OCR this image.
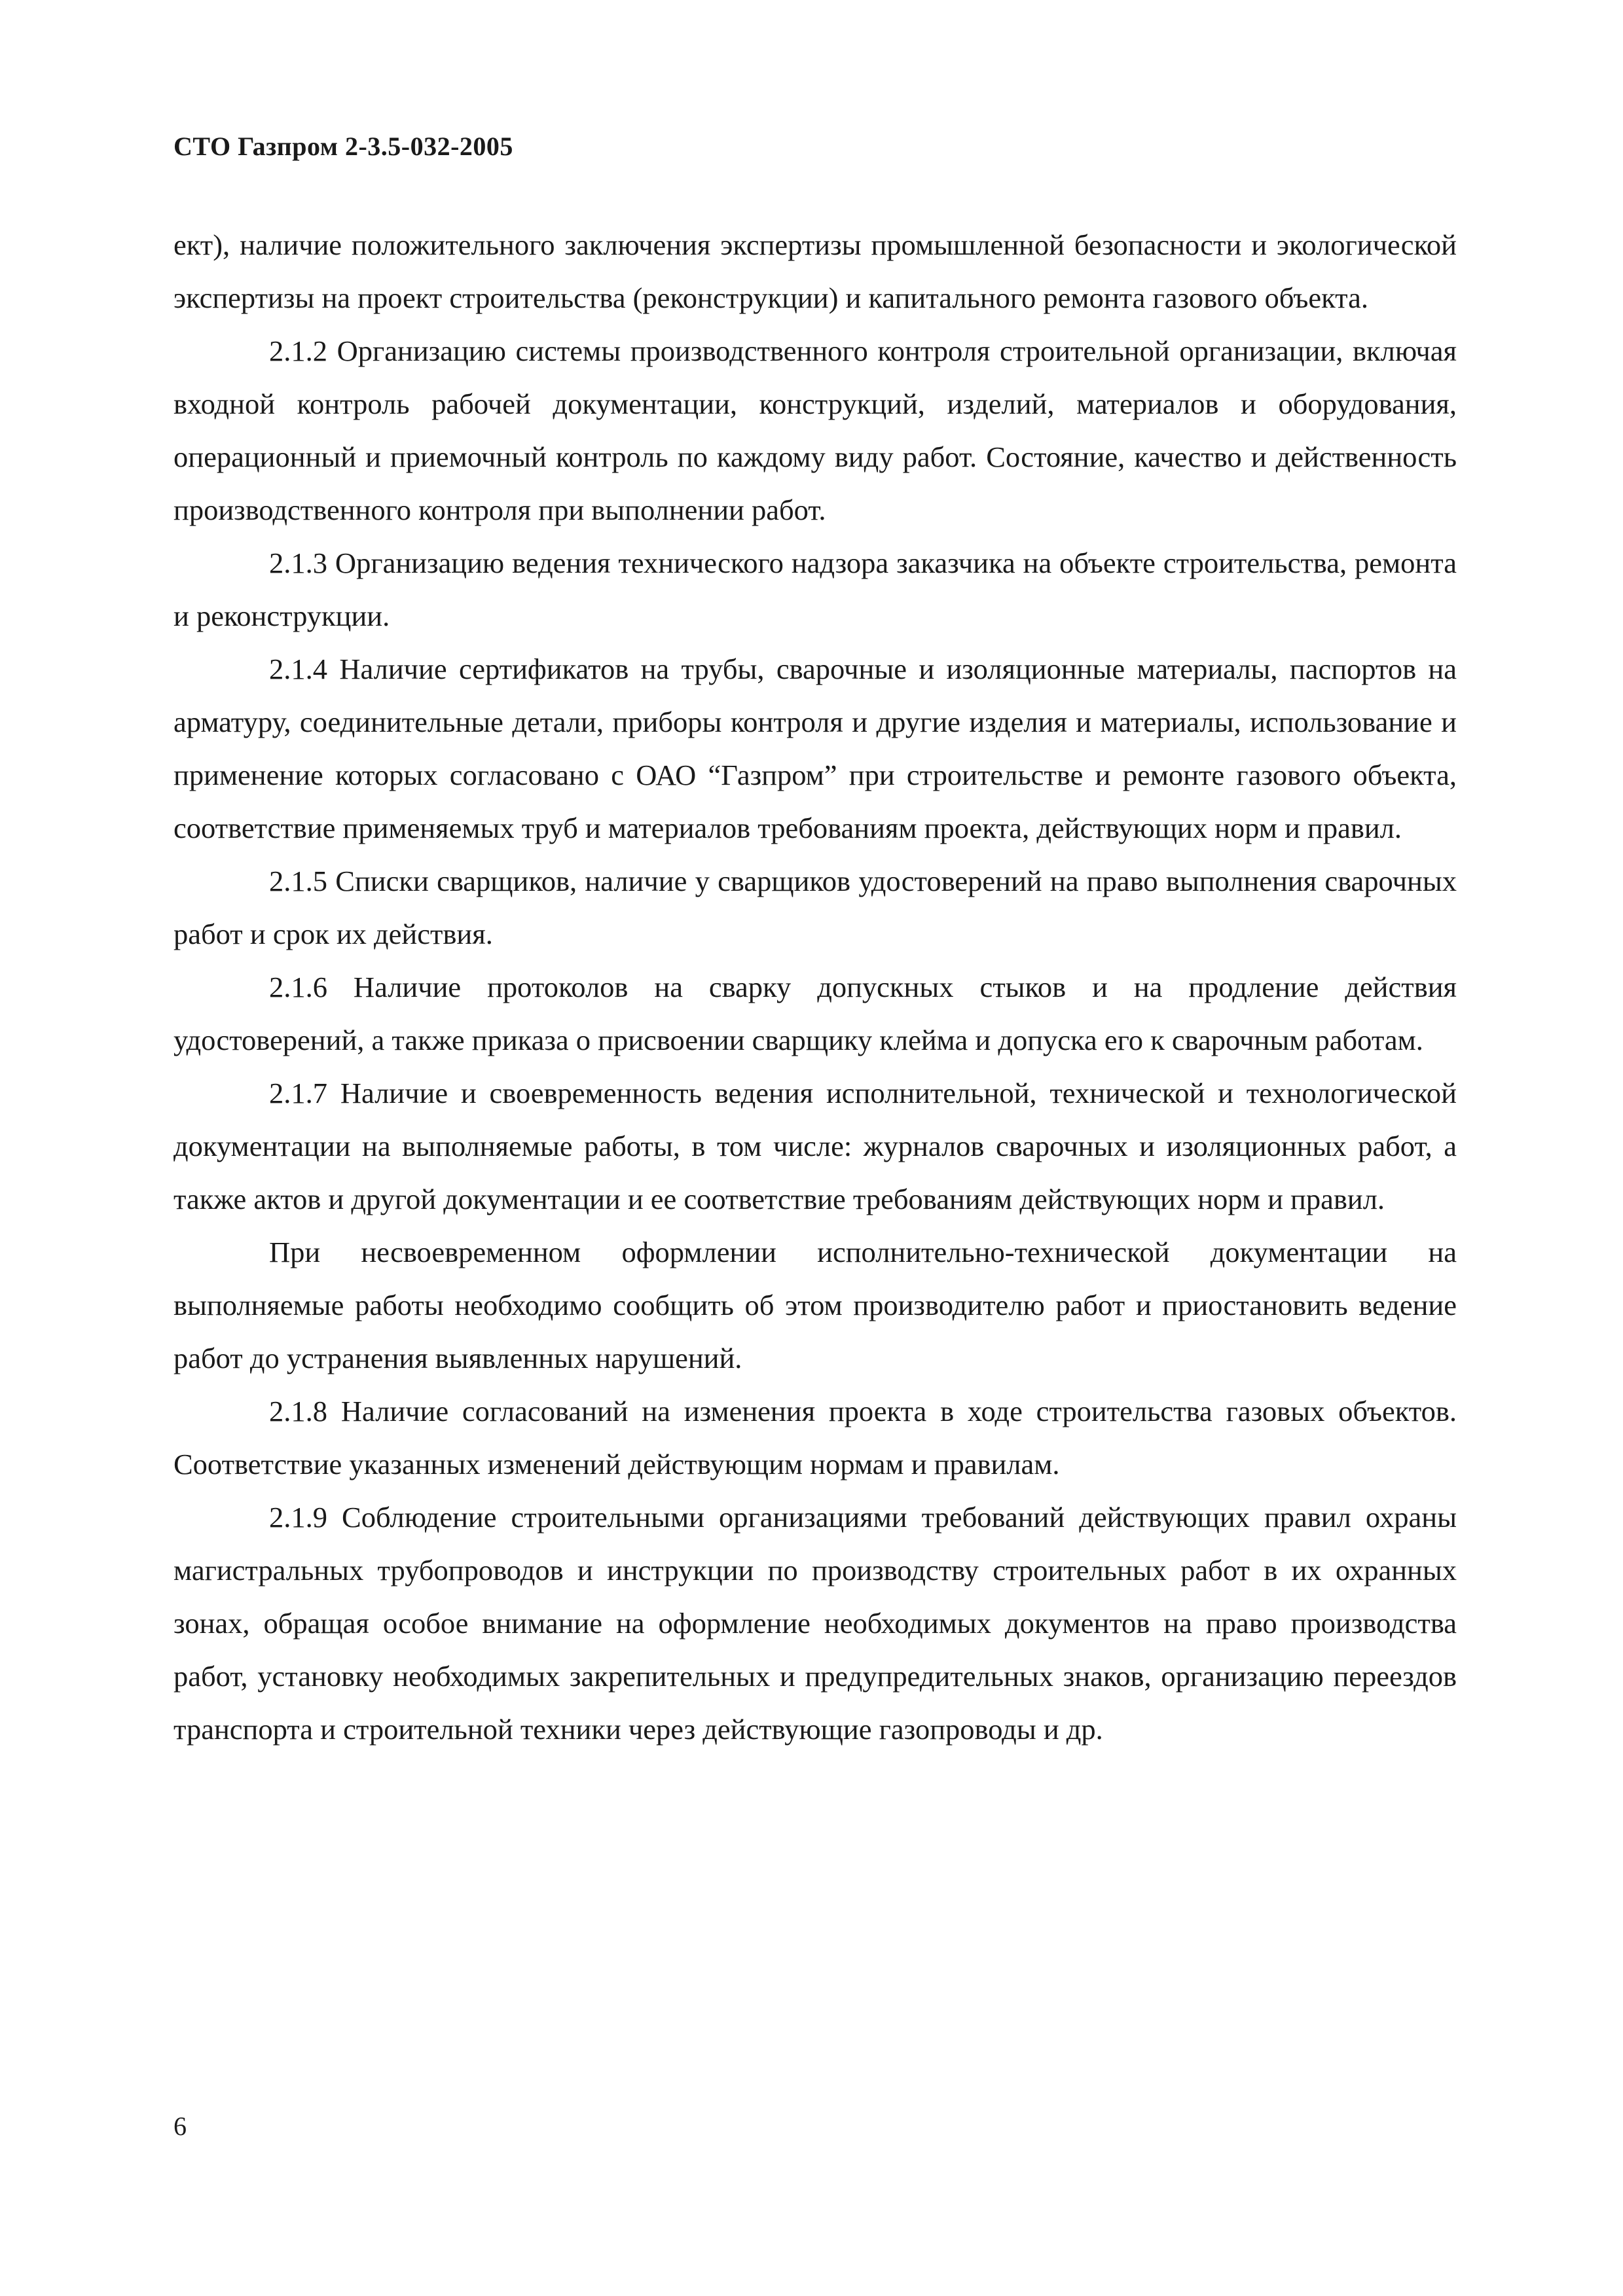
СТО Газпром 2-3.5-032-2005

ект), наличие положительного заключения экспертизы промышленной безопасности и экологической экспертизы на проект строительства (реконструкции) и капитального ремонта газового объекта.

2.1.2 Организацию системы производственного контроля строительной организации, включая входной контроль рабочей документации, конструкций, изделий, материалов и оборудования, операционный и приемочный контроль по каждому виду работ. Состояние, качество и действенность производственного контроля при выполнении работ.

2.1.3 Организацию ведения технического надзора заказчика на объекте строительства, ремонта и реконструкции.

2.1.4 Наличие сертификатов на трубы, сварочные и изоляционные материалы, паспортов на арматуру, соединительные детали, приборы контроля и другие изделия и материалы, использование и применение которых согласовано с ОАО “Газпром” при строительстве и ремонте газового объекта, соответствие применяемых труб и материалов требованиям проекта, действующих норм и правил.

2.1.5 Списки сварщиков, наличие у сварщиков удостоверений на право выполнения сварочных работ и срок их действия.

2.1.6 Наличие протоколов на сварку допускных стыков и на продление действия удостоверений, а также приказа о присвоении сварщику клейма и допуска его к сварочным работам.

2.1.7 Наличие и своевременность ведения исполнительной, технической и технологической документации на выполняемые работы, в том числе: журналов сварочных и изоляционных работ, а также актов и другой документации и ее соответствие требованиям действующих норм и правил.

При несвоевременном оформлении исполнительно-технической документации на выполняемые работы необходимо сообщить об этом производителю работ и приостановить ведение работ до устранения выявленных нарушений.

2.1.8 Наличие согласований на изменения проекта в ходе строительства газовых объектов. Соответствие указанных изменений действующим нормам и правилам.

2.1.9 Соблюдение строительными организациями требований действующих правил охраны магистральных трубопроводов и инструкции по производству строительных работ в их охранных зонах, обращая особое внимание на оформление необходимых документов на право производства работ, установку необходимых закрепительных и предупредительных знаков, организацию переездов транспорта и строительной техники через действующие газопроводы и др.

6
